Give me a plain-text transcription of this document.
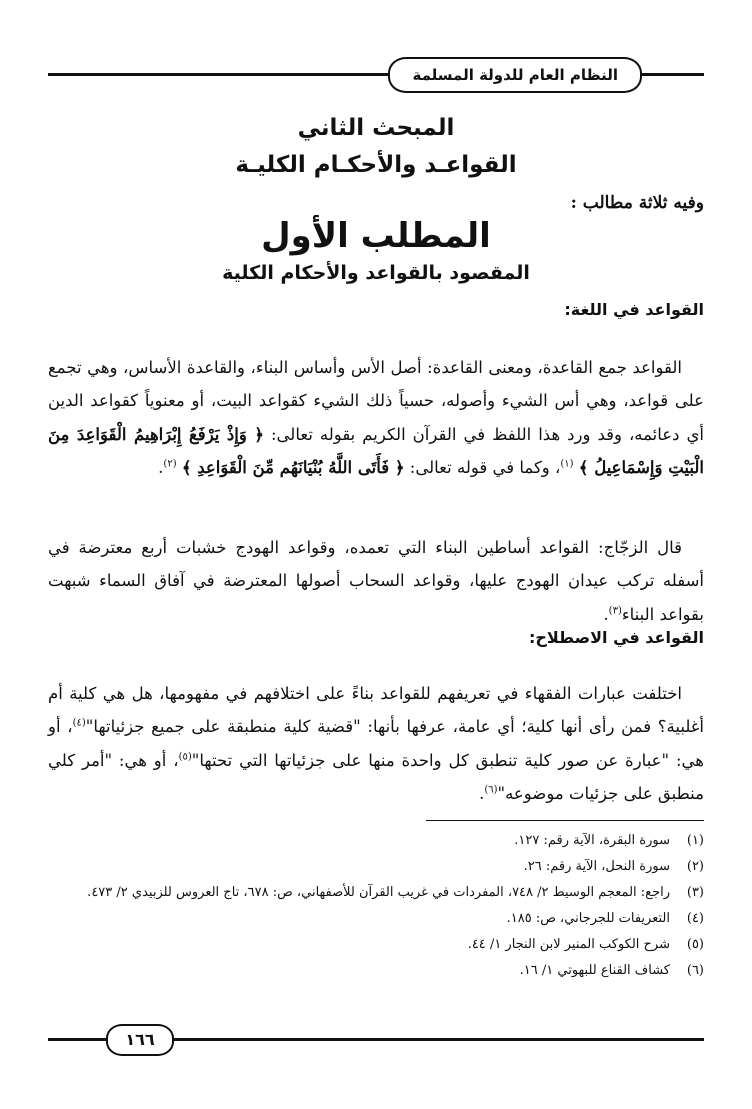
النظام العام للدولة المسلمة
المبحث الثاني
القواعـد والأحكـام الكليـة
وفيه ثلاثة مطالب :
المطلب الأول
المقصود بالقواعد والأحكام الكلية
القواعد في اللغة:

القواعد جمع القاعدة، ومعنى القاعدة: أصل الأس وأساس البناء، والقاعدة الأساس، وهي تجمع على قواعد، وهي أس الشيء وأصوله، حسياً ذلك الشيء كقواعد البيت، أو معنوياً كقواعد الدين أي دعائمه، وقد ورد هذا اللفظ في القرآن الكريم بقوله تعالى: ﴿ وَإِذْ يَرْفَعُ إِبْرَاهِيمُ الْقَوَاعِدَ مِنَ الْبَيْتِ وَإِسْمَاعِيلُ ﴾ $^{(١)}$، وكما في قوله تعالى: ﴿ فَأَتَى اللَّهُ بُنْيَانَهُم مِّنَ الْقَوَاعِدِ ﴾ $^{(٢)}$.

قال الزجّاج: القواعد أساطين البناء التي تعمده، وقواعد الهودج خشبات أربع معترضة في أسفله تركب عيدان الهودج عليها، وقواعد السحاب أصولها المعترضة في آفاق السماء شبهت بقواعد البناء$^{(٣)}$.

القواعد في الاصطلاح:

اختلفت عبارات الفقهاء في تعريفهم للقواعد بناءً على اختلافهم في مفهومها، هل هي كلية أم أغلبية؟ فمن رأى أنها كلية؛ أي عامة، عرفها بأنها: "قضية كلية منطبقة على جميع جزئياتها"$^{(٤)}$، أو هي: "عبارة عن صور كلية تنطبق كل واحدة منها على جزئياتها التي تحتها"$^{(٥)}$، أو هي: "أمر كلي منطبق على جزئيات موضوعه"$^{(٦)}$.

(١)
سورة البقرة، الآية رقم: ١٢٧.
(٢)
سورة النحل، الآية رقم: ٢٦.
(٣)
راجع: المعجم الوسيط ٢/ ٧٤٨، المفردات في غريب القرآن للأصفهاني، ص: ٦٧٨، تاج العروس للزبيدي ٢/ ٤٧٣.
(٤)
التعريفات للجرجاني، ص: ١٨٥.
(٥)
شرح الكوكب المنير لابن النجار ١/ ٤٤.
(٦)
كشاف القناع للبهوتي ١/ ١٦.
١٦٦
